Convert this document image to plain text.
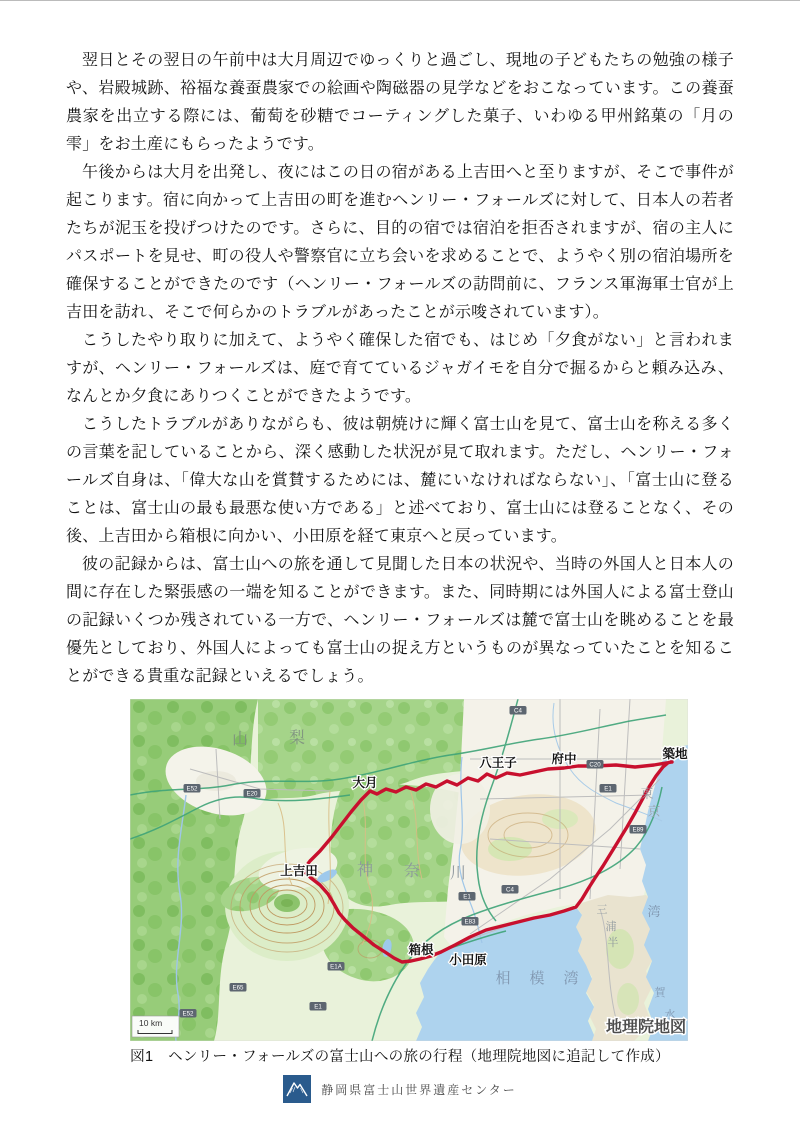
翌日とその翌日の午前中は大月周辺でゆっくりと過ごし、現地の子どもたちの勉強の様子や、岩殿城跡、裕福な養蚕農家での絵画や陶磁器の見学などをおこなっています。この養蚕農家を出立する際には、葡萄を砂糖でコーティングした菓子、いわゆる甲州銘菓の「月の雫」をお土産にもらったようです。

午後からは大月を出発し、夜にはこの日の宿がある上吉田へと至りますが、そこで事件が起こります。宿に向かって上吉田の町を進むヘンリー・フォールズに対して、日本人の若者たちが泥玉を投げつけたのです。さらに、目的の宿では宿泊を拒否されますが、宿の主人にパスポートを見せ、町の役人や警察官に立ち会いを求めることで、ようやく別の宿泊場所を確保することができたのです（ヘンリー・フォールズの訪問前に、フランス軍海軍士官が上吉田を訪れ、そこで何らかのトラブルがあったことが示唆されています）。

こうしたやり取りに加えて、ようやく確保した宿でも、はじめ「夕食がない」と言われますが、ヘンリー・フォールズは、庭で育てているジャガイモを自分で掘るからと頼み込み、なんとか夕食にありつくことができたようです。

こうしたトラブルがありながらも、彼は朝焼けに輝く富士山を見て、富士山を称える多くの言葉を記していることから、深く感動した状況が見て取れます。ただし、ヘンリー・フォールズ自身は、「偉大な山を賞賛するためには、麓にいなければならない」、「富士山に登ることは、富士山の最も最悪な使い方である」と述べており、富士山には登ることなく、その後、上吉田から箱根に向かい、小田原を経て東京へと戻っています。

彼の記録からは、富士山への旅を通して見聞した日本の状況や、当時の外国人と日本人の間に存在した緊張感の一端を知ることができます。また、同時期には外国人による富士登山の記録いくつか残されている一方で、ヘンリー・フォールズは麓で富士山を眺めることを最優先としており、外国人によっても富士山の捉え方というものが異なっていたことを知ることができる貴重な記録といえるでしょう。

C4
E52
E20
C20
E1
E89
E1
C4
E83
E1A
E65
E1
E52
山	梨
神 奈 川
相 模 湾
湾
三
浦
半
賀
水
東
京
大月
八王子	府中	築地
上吉田
箱根
小田原
10 km	地理院地図
図1　ヘンリー・フォールズの富士山への旅の行程（地理院地図に追記して作成）
静岡県富士山世界遺産センター
